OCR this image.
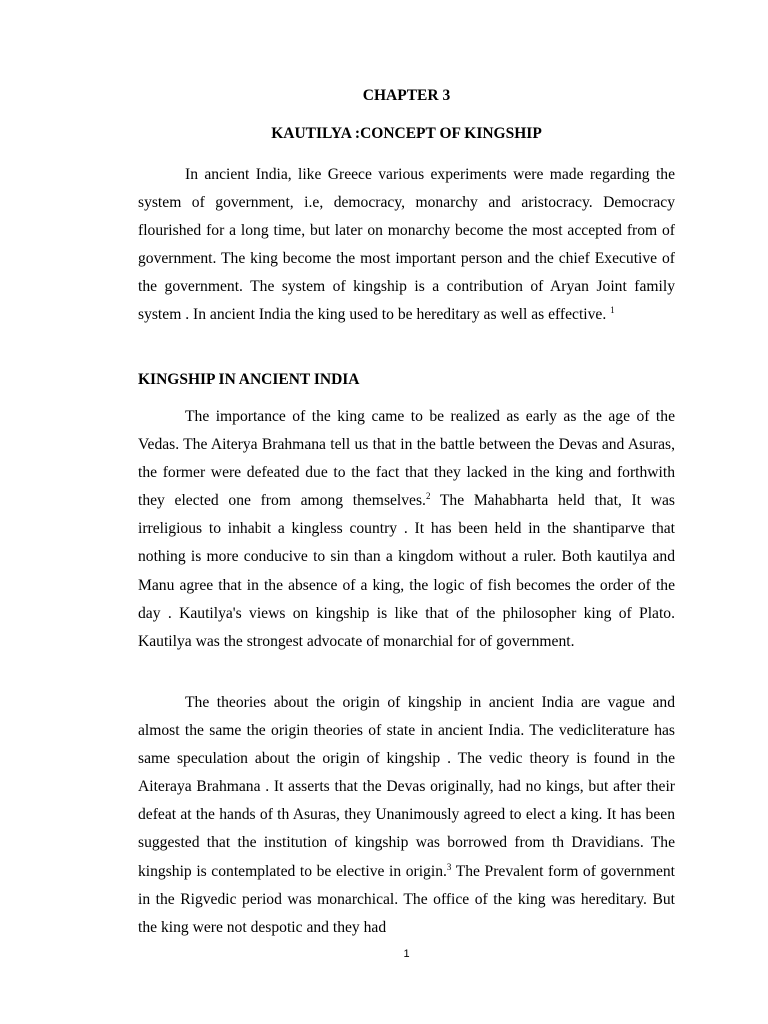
CHAPTER 3
KAUTILYA :CONCEPT OF KINGSHIP

In ancient India, like Greece various experiments were made regarding the system of government, i.e, democracy, monarchy and aristocracy. Democracy flourished for a long time, but later on monarchy become the most accepted from of government. The king become the most important person and the chief Executive of the government. The system of kingship is a contribution of Aryan Joint family system . In ancient India the king used to be hereditary as well as effective. $^1$

KINGSHIP IN ANCIENT INDIA

The importance of the king came to be realized as early as the age of the Vedas. The Aiterya Brahmana tell us that in the battle between the Devas and Asuras, the former were defeated due to the fact that they lacked in the king and forthwith they elected one from among themselves.$^2$ The Mahabharta held that, It was irreligious to inhabit a kingless country . It has been held in the shantiparve that nothing is more conducive to sin than a kingdom without a ruler. Both kautilya and Manu agree that in the absence of a king, the logic of fish becomes the order of the day . Kautilya's views on kingship is like that of the philosopher king of Plato. Kautilya was the strongest advocate of monarchial for of government.

The theories about the origin of kingship in ancient India are vague and almost the same the origin theories of state in ancient India. The vedicliterature has same speculation about the origin of kingship . The vedic theory is found in the Aiteraya Brahmana . It asserts that the Devas originally, had no kings, but after their defeat at the hands of th Asuras, they Unanimously agreed to elect a king. It has been suggested that the institution of kingship was borrowed from th Dravidians. The kingship is contemplated to be elective in origin.$^3$ The Prevalent form of government in the Rigvedic period was monarchical. The office of the king was hereditary. But the king were not despotic and they had

1
